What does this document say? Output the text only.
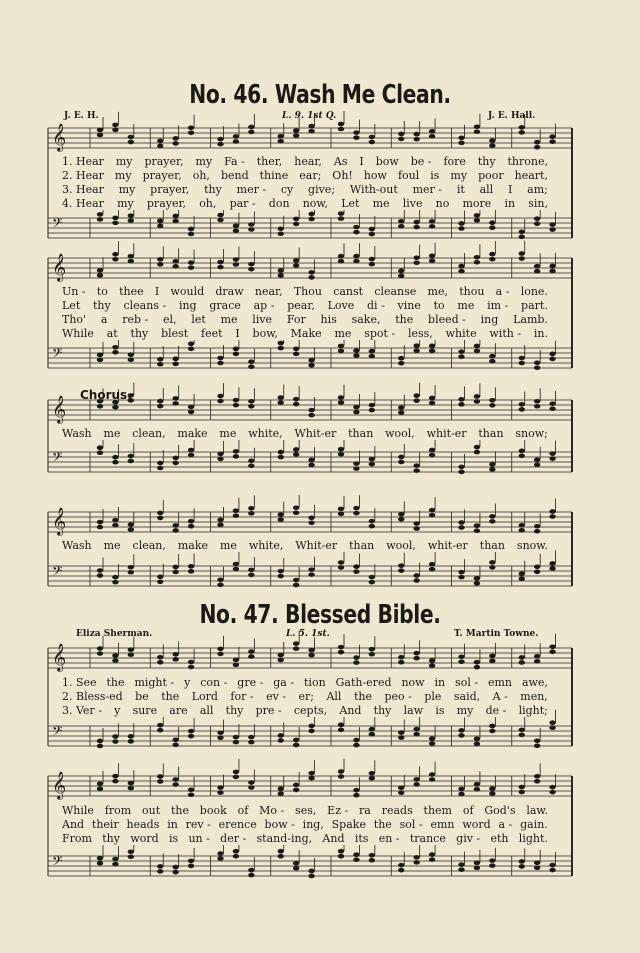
𝄞
𝄢
𝄞
𝄢
𝄞
𝄢
𝄞
𝄢
𝄞
𝄢
𝄞
𝄢
No. 46. Wash Me Clean.
J. E. H.	L. 9. 1st Q.	J. E. Hall.
1. Hear my prayer, my Fa - ther, hear, As I bow be - fore thy throne,
2. Hear my prayer, oh, bend thine ear; Oh! how foul is my poor heart,
3. Hear my prayer, thy mer - cy give; With-out mer - it all I am;
4. Hear my prayer, oh, par - don now, Let me live no more in sin,
Un - to thee I would draw near, Thou canst cleanse me, thou a - lone.
Let thy cleans - ing grace ap - pear, Love di - vine to me im - part.
Tho' a reb - el, let me live For his sake, the bleed - ing Lamb.
While at thy blest feet I bow, Make me spot - less, white with - in.
Chorus.
Wash me clean, make me white, Whit-er than wool, whit-er than snow;
Wash me clean, make me white, Whit-er than wool, whit-er than snow.
No. 47. Blessed Bible.
Eliza Sherman.	L. 5. 1st.	T. Martin Towne.
1. See the might - y con - gre - ga - tion Gath-ered now in sol - emn awe,
2. Bless-ed be the Lord for - ev - er; All the peo - ple said, A - men,
3. Ver - y sure are all thy pre - cepts, And thy law is my de - light;
While from out the book of Mo - ses, Ez - ra reads them of God's law.
And their heads in rev - erence bow - ing, Spake the sol - emn word a - gain.
From thy word is un - der - stand-ing, And its en - trance giv - eth light.
